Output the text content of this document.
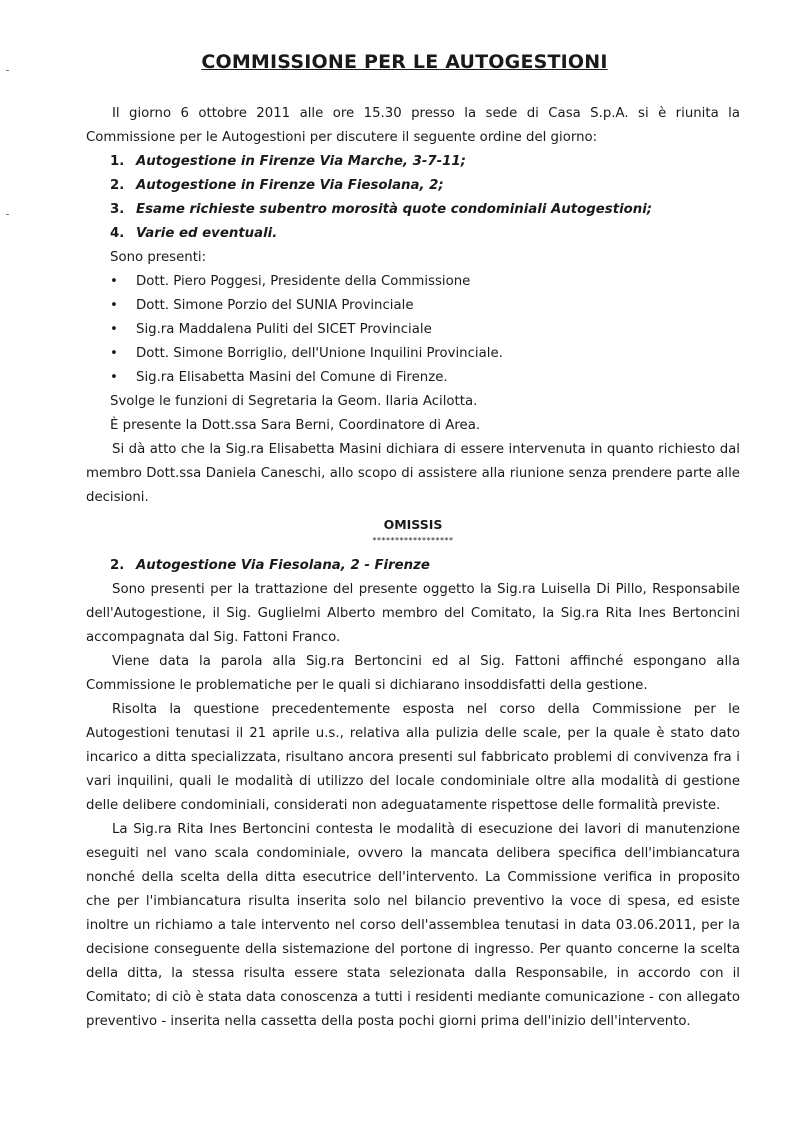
COMMISSIONE PER LE AUTOGESTIONI

Il giorno 6 ottobre 2011 alle ore 15.30 presso la sede di Casa S.p.A. si è riunita la Commissione per le Autogestioni per discutere il seguente ordine del giorno:

1. Autogestione in Firenze Via Marche, 3-7-11;
2. Autogestione in Firenze Via Fiesolana, 2;
3. Esame richieste subentro morosità quote condominiali Autogestioni;
4. Varie ed eventuali.

Sono presenti:

• Dott. Piero Poggesi, Presidente della Commissione
• Dott. Simone Porzio del SUNIA Provinciale
• Sig.ra Maddalena Puliti del SICET Provinciale
• Dott. Simone Borriglio, dell'Unione Inquilini Provinciale.
• Sig.ra Elisabetta Masini del Comune di Firenze.

Svolge le funzioni di Segretaria la Geom. Ilaria Acilotta.

È presente la Dott.ssa Sara Berni, Coordinatore di Area.

Si dà atto che la Sig.ra Elisabetta Masini dichiara di essere intervenuta in quanto richiesto dal membro Dott.ssa Daniela Caneschi, allo scopo di assistere alla riunione senza prendere parte alle decisioni.

OMISSIS
******************

2. Autogestione Via Fiesolana, 2 - Firenze

Sono presenti per la trattazione del presente oggetto la Sig.ra Luisella Di Pillo, Responsabile dell'Autogestione, il Sig. Guglielmi Alberto membro del Comitato, la Sig.ra Rita Ines Bertoncini accompagnata dal Sig. Fattoni Franco.

Viene data la parola alla Sig.ra Bertoncini ed al Sig. Fattoni affinché espongano alla Commissione le problematiche per le quali si dichiarano insoddisfatti della gestione.

Risolta la questione precedentemente esposta nel corso della Commissione per le Autogestioni tenutasi il 21 aprile u.s., relativa alla pulizia delle scale, per la quale è stato dato incarico a ditta specializzata, risultano ancora presenti sul fabbricato problemi di convivenza fra i vari inquilini, quali le modalità di utilizzo del locale condominiale oltre alla modalità di gestione delle delibere condominiali, considerati non adeguatamente rispettose delle formalità previste.

La Sig.ra Rita Ines Bertoncini contesta le modalità di esecuzione dei lavori di manutenzione eseguiti nel vano scala condominiale, ovvero la mancata delibera specifica dell'imbiancatura nonché della scelta della ditta esecutrice dell'intervento. La Commissione verifica in proposito che per l'imbiancatura risulta inserita solo nel bilancio preventivo la voce di spesa, ed esiste inoltre un richiamo a tale intervento nel corso dell'assemblea tenutasi in data 03.06.2011, per la decisione conseguente della sistemazione del portone di ingresso. Per quanto concerne la scelta della ditta, la stessa risulta essere stata selezionata dalla Responsabile, in accordo con il Comitato; di ciò è stata data conoscenza a tutti i residenti mediante comunicazione - con allegato preventivo - inserita nella cassetta della posta pochi giorni prima dell'inizio dell'intervento.
